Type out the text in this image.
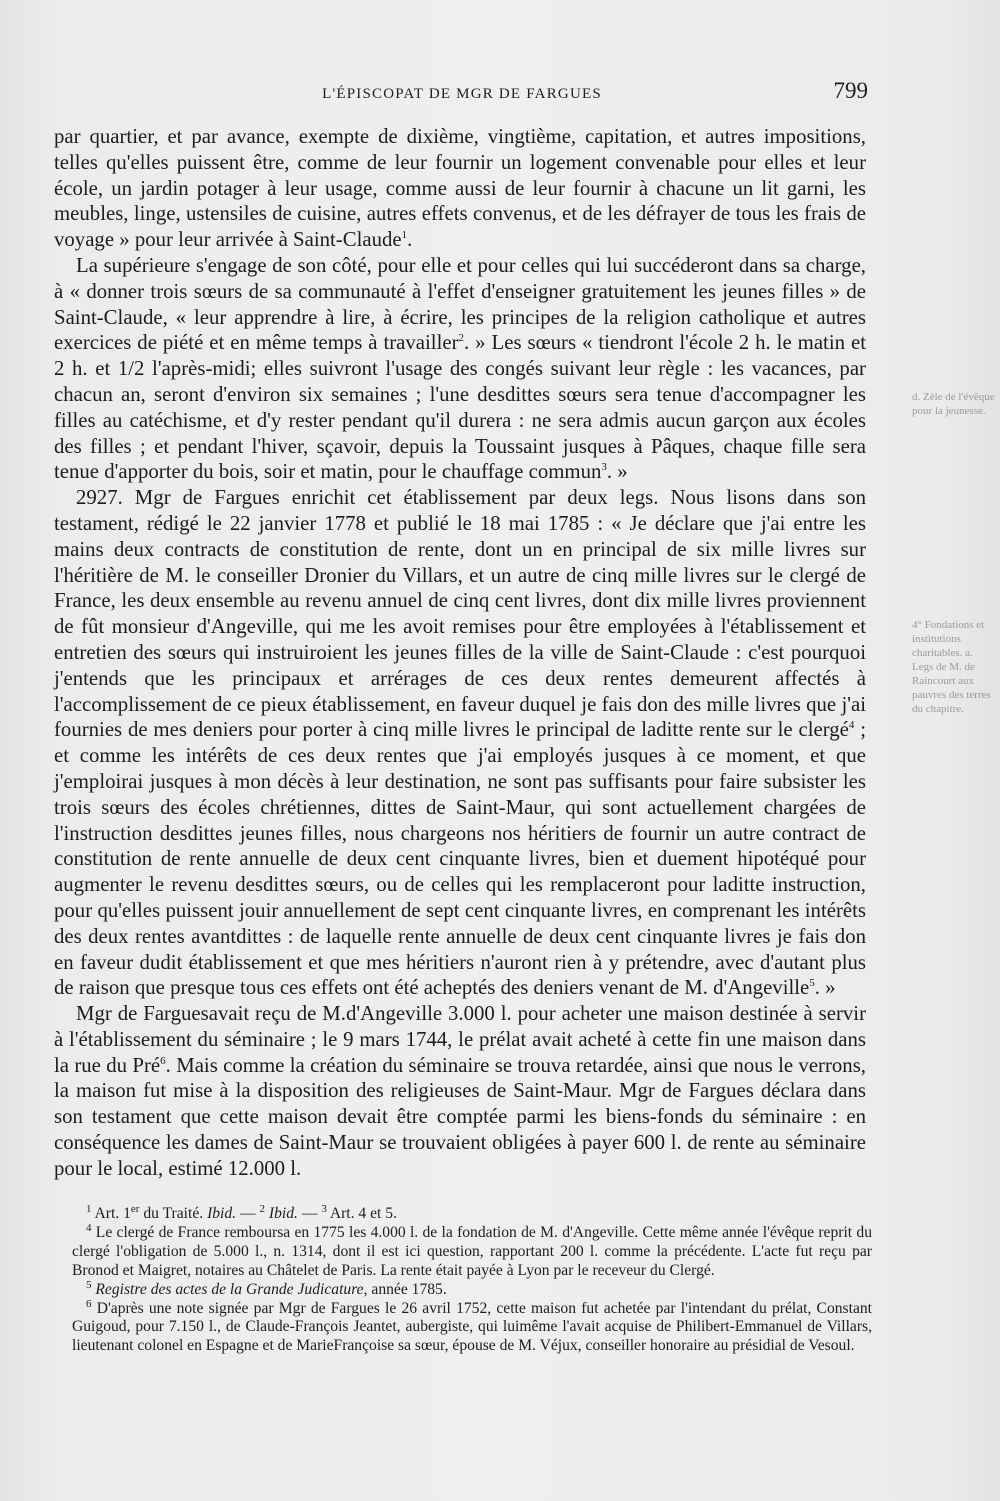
L'ÉPISCOPAT DE MGR DE FARGUES	799

par quartier, et par avance, exempte de dixième, vingtième, capitation, et autres impositions, telles qu'elles puissent être, comme de leur fournir un logement convenable pour elles et leur école, un jardin potager à leur usage, comme aussi de leur fournir à chacune un lit garni, les meubles, linge, ustensiles de cuisine, autres effets convenus, et de les défrayer de tous les frais de voyage » pour leur arrivée à Saint-Claude$^1$.

La supérieure s'engage de son côté, pour elle et pour celles qui lui succéderont dans sa charge, à « donner trois sœurs de sa communauté à l'effet d'enseigner gratuitement les jeunes filles » de Saint-Claude, « leur apprendre à lire, à écrire, les principes de la religion catholique et autres exercices de piété et en même temps à travailler$^2$. » Les sœurs « tiendront l'école 2 h. le matin et 2 h. et 1/2 l'après-midi; elles suivront l'usage des congés suivant leur règle : les vacances, par chacun an, seront d'environ six semaines ; l'une desdittes sœurs sera tenue d'accompagner les filles au catéchisme, et d'y rester pendant qu'il durera : ne sera admis aucun garçon aux écoles des filles ; et pendant l'hiver, sçavoir, depuis la Toussaint jusques à Pâques, chaque fille sera tenue d'apporter du bois, soir et matin, pour le chauffage commun$^3$. »

2927. Mgr de Fargues enrichit cet établissement par deux legs. Nous lisons dans son testament, rédigé le 22 janvier 1778 et publié le 18 mai 1785 : « Je déclare que j'ai entre les mains deux contracts de constitution de rente, dont un en principal de six mille livres sur l'héritière de M. le conseiller Dronier du Villars, et un autre de cinq mille livres sur le clergé de France, les deux ensemble au revenu annuel de cinq cent livres, dont dix mille livres proviennent de fût monsieur d'Angeville, qui me les avoit remises pour être employées à l'établissement et entretien des sœurs qui instruiroient les jeunes filles de la ville de Saint-Claude : c'est pourquoi j'entends que les principaux et arrérages de ces deux rentes demeurent affectés à l'accomplissement de ce pieux établissement, en faveur duquel je fais don des mille livres que j'ai fournies de mes deniers pour porter à cinq mille livres le principal de laditte rente sur le clergé$^4$ ; et comme les intérêts de ces deux rentes que j'ai employés jusques à ce moment, et que j'emploirai jusques à mon décès à leur destination, ne sont pas suffisants pour faire subsister les trois sœurs des écoles chrétiennes, dittes de Saint-Maur, qui sont actuellement chargées de l'instruction desdittes jeunes filles, nous chargeons nos héritiers de fournir un autre contract de constitution de rente annuelle de deux cent cinquante livres, bien et duement hipotéqué pour augmenter le revenu desdittes sœurs, ou de celles qui les remplaceront pour laditte instruction, pour qu'elles puissent jouir annuellement de sept cent cinquante livres, en comprenant les intérêts des deux rentes avantdittes : de laquelle rente annuelle de deux cent cinquante livres je fais don en faveur dudit établissement et que mes héritiers n'auront rien à y prétendre, avec d'autant plus de raison que presque tous ces effets ont été acheptés des deniers venant de M. d'Angeville$^5$. »

Mgr de Farguesavait reçu de M.d'Angeville 3.000 l. pour acheter une maison destinée à servir à l'établissement du séminaire ; le 9 mars 1744, le prélat avait acheté à cette fin une maison dans la rue du Pré$^6$. Mais comme la création du séminaire se trouva retardée, ainsi que nous le verrons, la maison fut mise à la disposition des religieuses de Saint-Maur. Mgr de Fargues déclara dans son testament que cette maison devait être comptée parmi les biens-fonds du séminaire : en conséquence les dames de Saint-Maur se trouvaient obligées à payer 600 l. de rente au séminaire pour le local, estimé 12.000 l.

$^1$ Art. 1er du Traité. Ibid. — $^2$ Ibid. — $^3$ Art. 4 et 5.

$^4$ Le clergé de France remboursa en 1775 les 4.000 l. de la fondation de M. d'Angeville. Cette même année l'évêque reprit du clergé l'obligation de 5.000 l., n. 1314, dont il est ici question, rapportant 200 l. comme la précédente. L'acte fut reçu par Bronod et Maigret, notaires au Châtelet de Paris. La rente était payée à Lyon par le receveur du Clergé.

$^5$ Registre des actes de la Grande Judicature, année 1785.

$^6$ D'après une note signée par Mgr de Fargues le 26 avril 1752, cette maison fut achetée par l'intendant du prélat, Constant Guigoud, pour 7.150 l., de Claude-François Jeantet, aubergiste, qui luimême l'avait acquise de Philibert-Emmanuel de Villars, lieutenant colonel en Espagne et de MarieFrançoise sa sœur, épouse de M. Véjux, conseiller honoraire au présidial de Vesoul.

d. Zèle de l'évêque pour la jeunesse.

4° Fondations et institutions charitables. a. Legs de M. de Raincourt aux pauvres des terres du chapitre.
